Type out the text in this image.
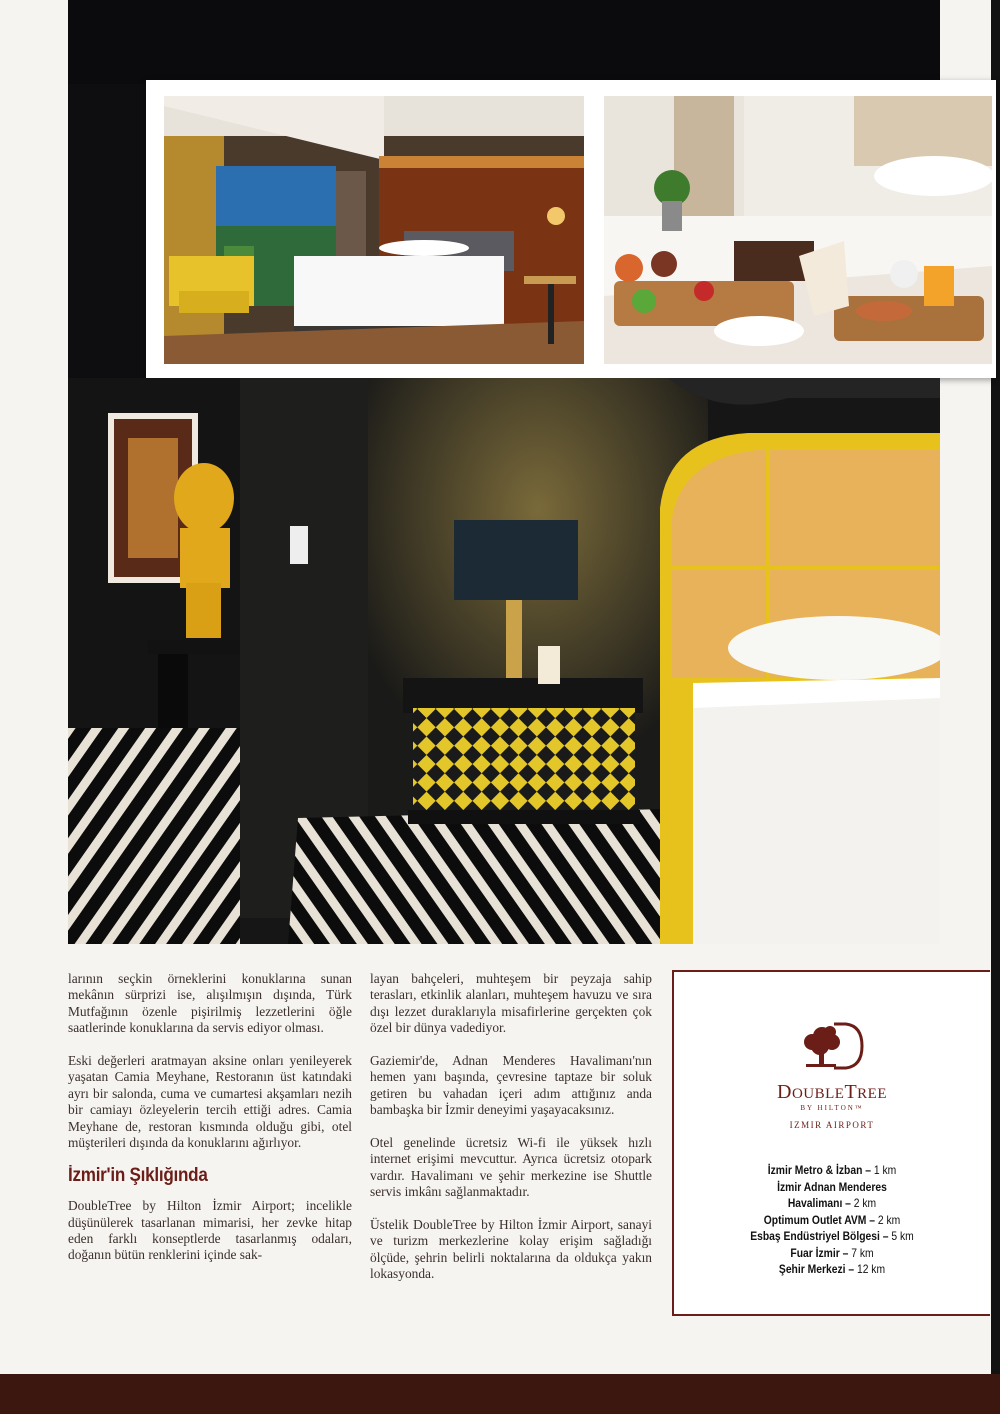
larının seçkin örneklerini konuklarına sunan mekânın sürprizi ise, alışılmışın dışında, Türk Mutfağının özenle pişirilmiş lezzetlerini öğle saatlerinde konuklarına da servis ediyor olması.

Eski değerleri aratmayan aksine onları yenileyerek yaşatan Camia Meyhane, Restoranın üst katındaki ayrı bir salonda, cuma ve cumartesi akşamları nezih bir camiayı özleyelerin tercih ettiği adres. Camia Meyhane de, restoran kısmında olduğu gibi, otel müşterileri dışında da konuklarını ağırlıyor.

İzmir'in Şıklığında

DoubleTree by Hilton İzmir Airport; incelikle düşünülerek tasarlanan mimarisi, her zevke hitap eden farklı konseptlerde tasarlanmış odaları, doğanın bütün renklerini içinde sak-

layan bahçeleri, muhteşem bir peyzaja sahip terasları, etkinlik alanları, muhteşem havuzu ve sıra dışı lezzet duraklarıyla misafirlerine gerçekten çok özel bir dünya vadediyor.

Gaziemir'de, Adnan Menderes Havalimanı'nın hemen yanı başında, çevresine taptaze bir soluk getiren bu vahadan içeri adım attığınız anda bambaşka bir İzmir deneyimi yaşayacaksınız.

Otel genelinde ücretsiz Wi-fi ile yüksek hızlı internet erişimi mevcuttur. Ayrıca ücretsiz otopark vardır. Havalimanı ve şehir merkezine ise Shuttle servis imkânı sağlanmaktadır.

Üstelik DoubleTree by Hilton İzmir Airport, sanayi ve turizm merkezlerine kolay erişim sağladığı ölçüde, şehrin belirli noktalarına da oldukça yakın lokasyonda.

DOUBLETREE
BY HILTON™
IZMIR AIRPORT
İzmir Metro & İzban – 1 km
İzmir Adnan Menderes
Havalimanı – 2 km
Optimum Outlet AVM – 2 km
Esbaş Endüstriyel Bölgesi – 5 km
Fuar İzmir – 7 km
Şehir Merkezi – 12 km
